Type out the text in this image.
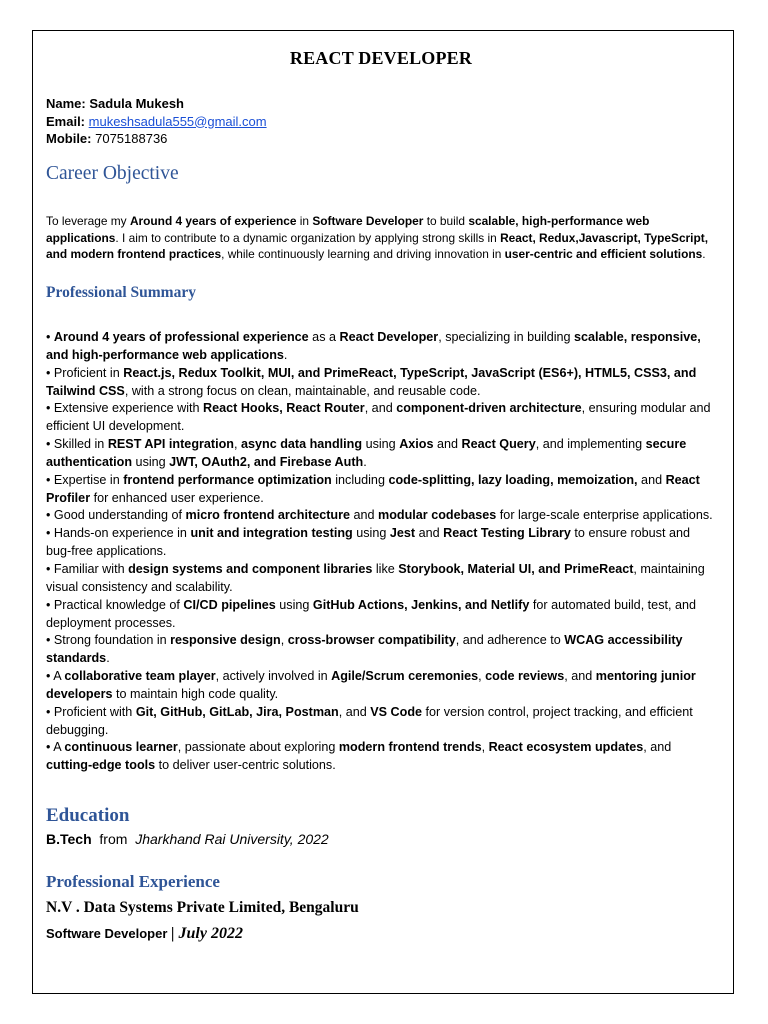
REACT DEVELOPER
Name: Sadula Mukesh
Email: mukeshsadula555@gmail.com
Mobile: 7075188736
Career Objective

To leverage my Around 4 years of experience in Software Developer to build scalable, high-performance web applications. I aim to contribute to a dynamic organization by applying strong skills in React, Redux,Javascript, TypeScript, and modern frontend practices, while continuously learning and driving innovation in user-centric and efficient solutions.

Professional Summary
• Around 4 years of professional experience as a React Developer, specializing in building scalable, responsive, and high-performance web applications.
• Proficient in React.js, Redux Toolkit, MUI, and PrimeReact, TypeScript, JavaScript (ES6+), HTML5, CSS3, and Tailwind CSS, with a strong focus on clean, maintainable, and reusable code.
• Extensive experience with React Hooks, React Router, and component-driven architecture, ensuring modular and efficient UI development.
• Skilled in REST API integration, async data handling using Axios and React Query, and implementing secure authentication using JWT, OAuth2, and Firebase Auth.
• Expertise in frontend performance optimization including code-splitting, lazy loading, memoization, and React Profiler for enhanced user experience.
• Good understanding of micro frontend architecture and modular codebases for large-scale enterprise applications.
• Hands-on experience in unit and integration testing using Jest and React Testing Library to ensure robust and bug-free applications.
• Familiar with design systems and component libraries like Storybook, Material UI, and PrimeReact, maintaining visual consistency and scalability.
• Practical knowledge of CI/CD pipelines using GitHub Actions, Jenkins, and Netlify for automated build, test, and deployment processes.
• Strong foundation in responsive design, cross-browser compatibility, and adherence to WCAG accessibility standards.
• A collaborative team player, actively involved in Agile/Scrum ceremonies, code reviews, and mentoring junior developers to maintain high code quality.
• Proficient with Git, GitHub, GitLab, Jira, Postman, and VS Code for version control, project tracking, and efficient debugging.
• A continuous learner, passionate about exploring modern frontend trends, React ecosystem updates, and cutting-edge tools to deliver user-centric solutions.
Education
B.Tech  from  Jharkhand Rai University, 2022
Professional Experience
N.V . Data Systems Private Limited, Bengaluru
Software Developer | July 2022
